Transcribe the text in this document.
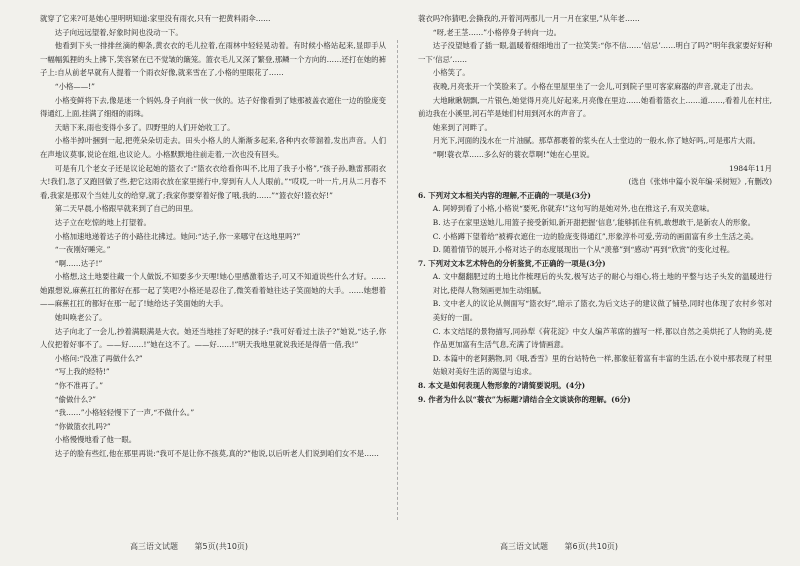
就穿了它来?可是她心里明明知道:家里没有雨衣,只有一把黄料雨伞……

达子向远远望着,好象时间也没动一下。

他看到下头一排排丝滴的柳条,黄衣衣的毛儿拉着,在雨林中轻轻晃动着。有时候小格站起来,显即手从一幅幅狐狸的头上拂下,笑容紧在已不觉皱的簸笼。篮衣毛儿又深了繁登,那鳞一个方向的……还打在她的裤子上:自从前老早就有人提着一个雨衣好像,就来雪在了,小格的里眼花了……

“小格——!”

小格变鲜将下去,像是迷一个妈妈,身子向前一伙一伙的。达子好像看到了她那被盖衣遮住一边的脸庞变得通红,上面,挂满了细细的雨珠。

天暗下来,雨也变得小多了。四野里的人们开始收工了。

小格半掉叶捆到一起,把蔸朵朵切走去。田头小格人的人渐渐多起来,各种内衣带溜着,发出声音。人们在声地议莫事,说论在组,也议论人。小格默默地往前走着,一次也没有回头。

可是有几个老女子还是议论起她的篮衣了:“篮衣衣给看你叫不,比用了我子小格”,“孩子孙,瞧雷那雨衣大!我们,忽了又跑回做了些,把它这雨衣放在家里搓行中,穿到有人人人眼前。”“哎哎,一叶一片,月从二月春不看,我家是那双个当娃儿女的给穿,就了;我家你要穿着好像了哦,我的……”“篮衣好!篮衣好!”

第二天早晨,小格跟早就来到了自己的田里。

达子立在吃惊的地上打望着。

小格加速地递着达子的小路往北拂过。她问:“达子,你一来哪守在这地里吗?”

“一夜刚好睡完。”

“啊……达子!”

小格想,这土地要往藏一个人做饭,不知要多少天哩!她心里感激着达子,可又不知道说些什么才好。……她跟想说,麻蕉扛扛的都好在那一起了笑吧?小格还是忍住了,微笑看着她往达子笑面她的大手。……她想着——麻蕉扛扛的都好在那一起了!她给达子笑面她的大手。

她叫唤老公了。

达子向北了一会儿,抄着满眼满是大衣。她还当地挂了好吧的抹子:“我可好看过土法子?”她说,“达子,你人仪把着好事不了。——好……!”她在这不了。——好……!”明天我地里就说我还是得借一借,我!”

小格问:“没准了再做什么?”

“写上我的经特!”

“你不准再了。”

“偷做什么?”

“我……”小格轻轻慢下了一声,“不做什么。”

“你做篮衣扎吗?”

小格慢慢地看了他一眼。

达子的脸有些红,他在那里再说:“我可不是让你不孩莫,真的?”他说,以后听老人们说到咱们女不是……

蓑衣吗?你猜吧,会撕我的,开着河两那儿一月一月在家里,”从年老……

“呀,老王茎……”小格停身子转向一边。

达子没望她看了插一眼,温暖着细细地出了一拉笑笑:“你不信……‘信忌’……明白了吗?”明年我家要好好种一下‘信忌’……

小格笑了。

夜晚,月亮张开一个笑脸来了。小格在里屋里坐了一会儿,可到院子里可客家麻器的声音,就走了出去。

大地瞅瞅朝飘,一片银色,她觉得月亮儿好起来,月亮像在里边……她看着篮衣上……道……,看着儿在村庄,前边我在小溪里,河石竿是她们村用到河水的声音了。

她来到了河畔了。

月光下,河面的浅水在一片油腻。那草都裹着的浆头在人士堂边的一般水,你了她好吗,,可是那片大雨。

“啊!蓑衣草……多么好的蓑衣草啊!”她在心里说。

1984年11月

(选自《张炜中篇小说年编·采树短》,有删改)

6. 下列对文本相关内容的理解,不正确的一项是(3分)

A. 阿婷到看了小格,小格说“要死,你就弃!”这句写的是她对外,也在推这子,有双关意味。

B. 达子在家里送她儿,用篮子接受新知,新开甜把握‘信息’,能够抓住有机,敢想敢干,是新农人的形象。

C. 小格蹲下望着给“被褥衣遮住一边的脸庞变得通红”,形象淳朴可爱,劳动的画面富有乡土生活之美。

D. 随着情节的展开,小格对达子的态度展现出一个从“羡慕”到“感动”再到“欣赏”的变化过程。

7. 下列对文本艺术特色的分析鉴赏,不正确的一项是(3分)

A. 文中翻翻肥过的土地比作梳理后的头发,极写达子的耐心与细心,将土地的平整与达子头发的温暖进行对比,使得人物刻画更加生动细腻。

B. 文中老人的议论从侧面写“篮衣好”,暗示了篮衣,为后文达子的建议做了铺垫,同时也体现了农村乡邻对美好的一面。

C. 本文结尾的景物描写,同孙犁《荷花淀》中女人编芦苇席的描写一样,都以自然之美烘托了人物的美,使作品更加富有生活气息,充满了诗情画意。

D. 本篇中的老阿鹅物,同《哦,香雪》里的台站特色一样,都象征着富有丰富的生活,在小说中那表现了村里姑娘对美好生活的渴望与追求。

8. 本文是如何表现人物形象的?请简要说明。(4分)

9. 作者为什么以“蓑衣”为标题?请结合全文谈谈你的理解。(6分)

高三语文试题 第5页(共10页)	高三语文试题 第6页(共10页)
